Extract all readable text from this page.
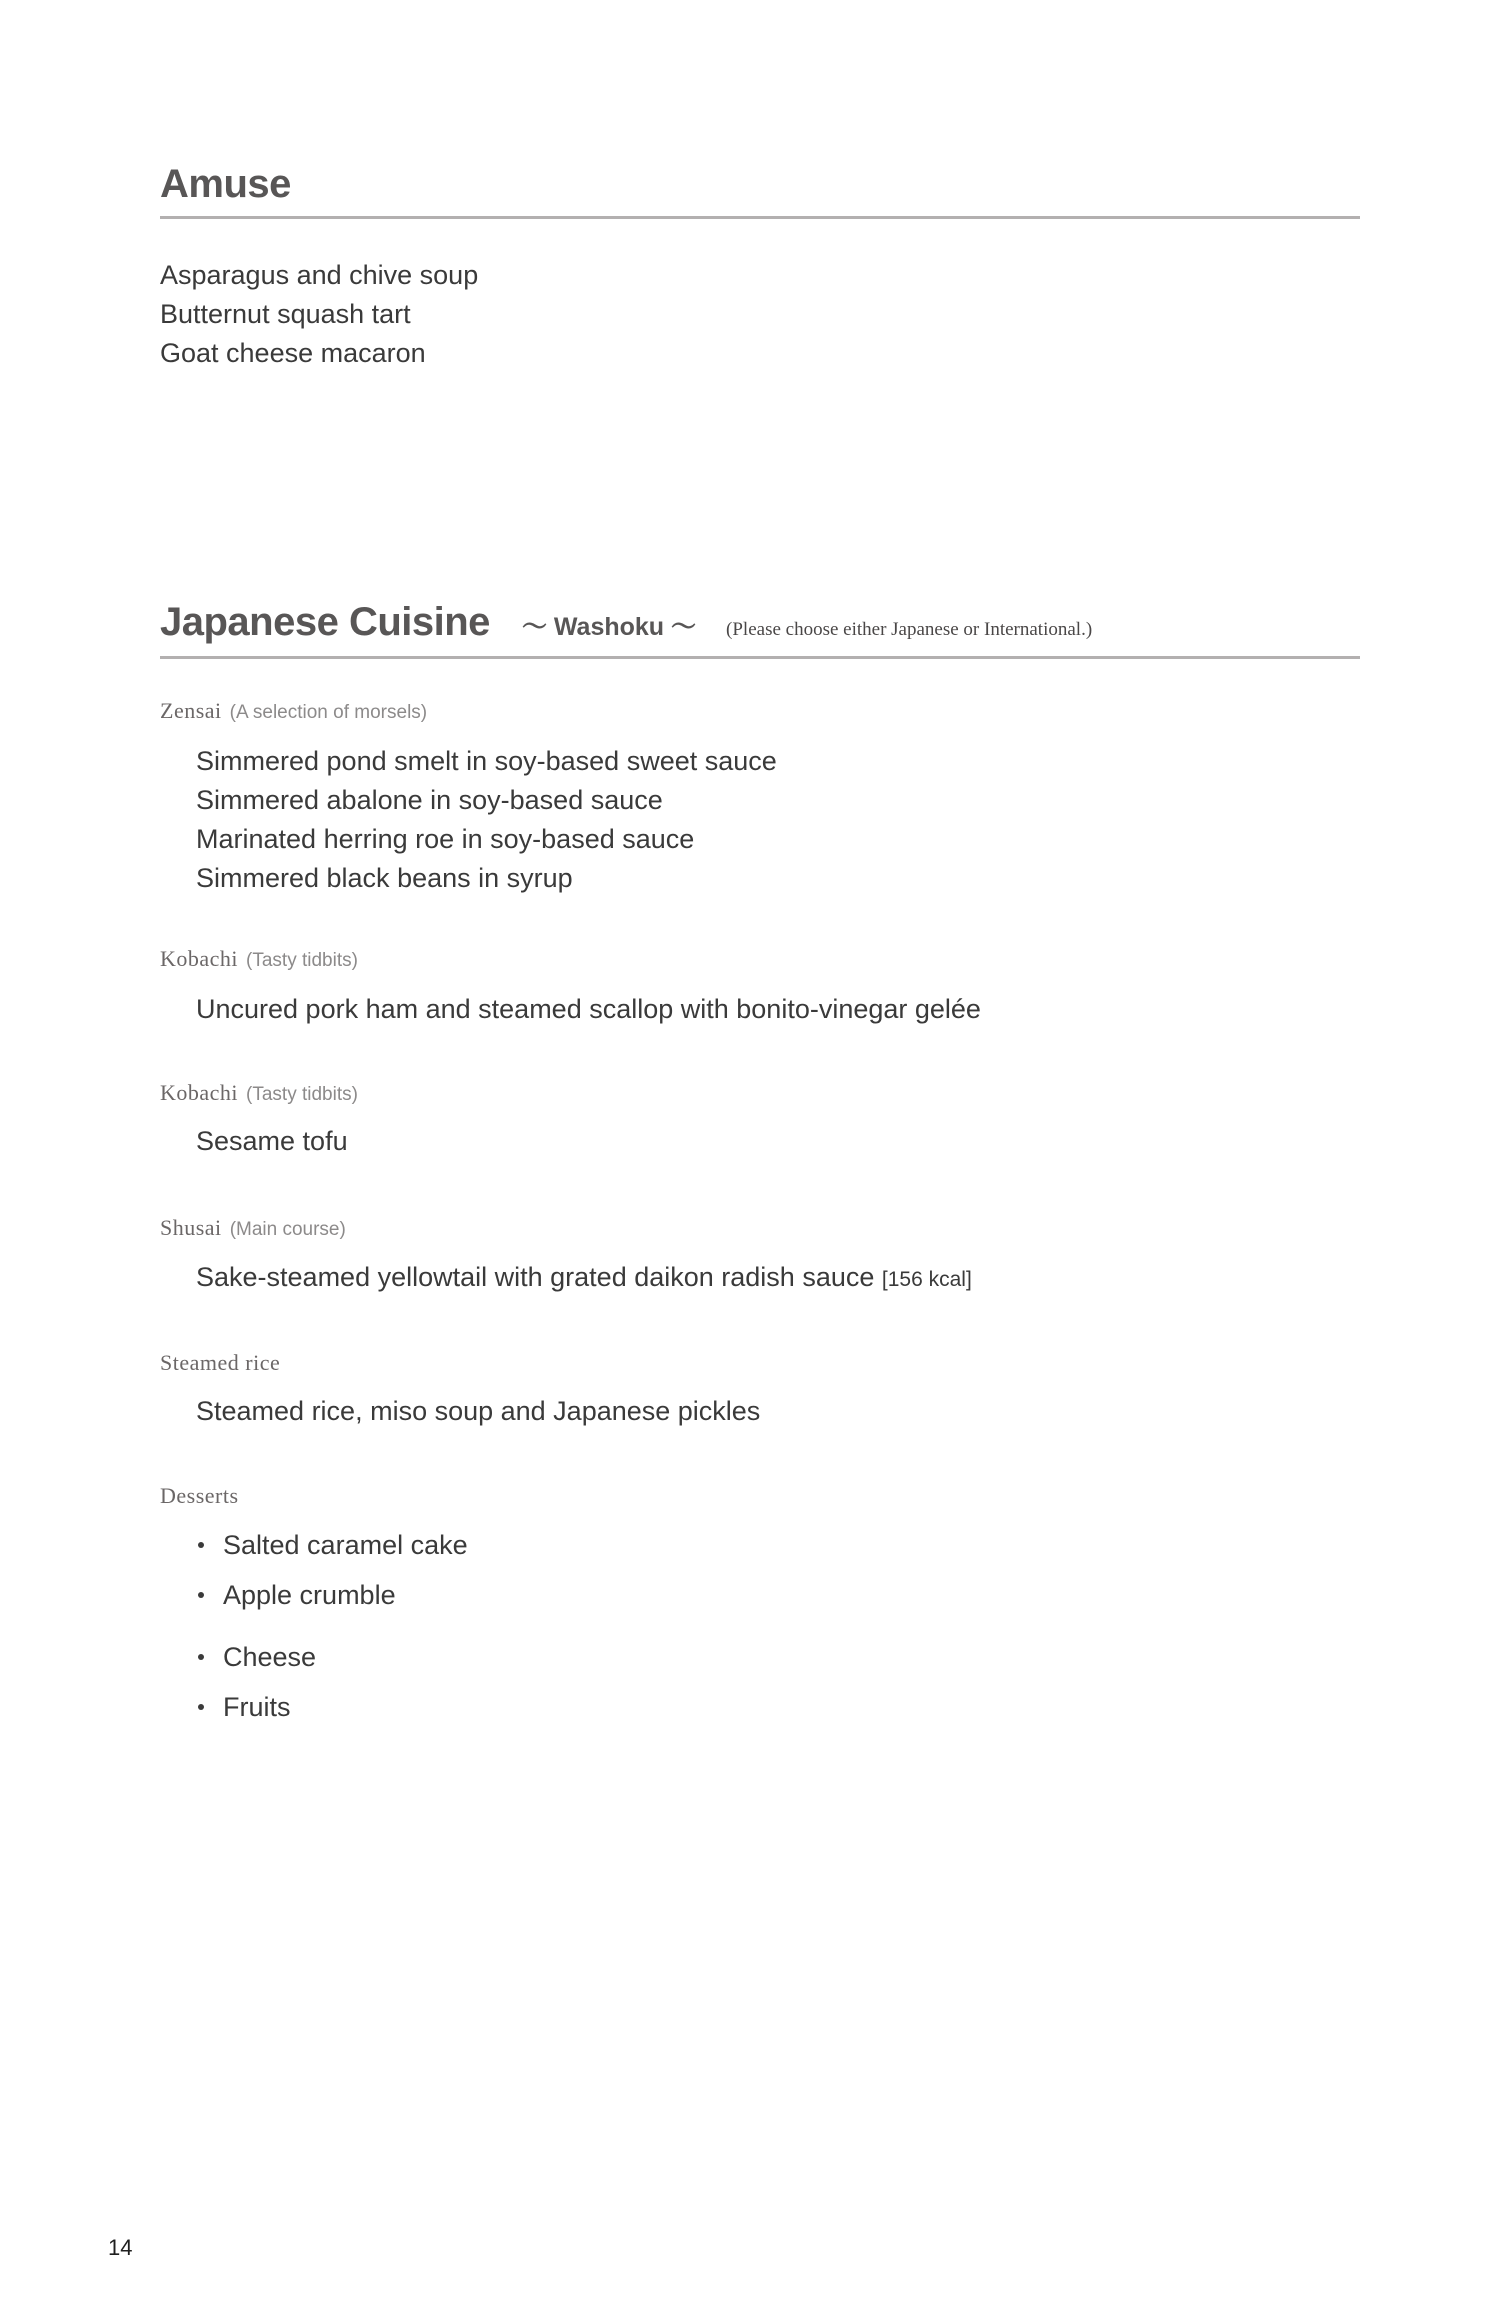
Amuse
Asparagus and chive soup
Butternut squash tart
Goat cheese macaron
Japanese Cuisine ～ Washoku ～ (Please choose either Japanese or International.)
Zensai (A selection of morsels)
Simmered pond smelt in soy-based sweet sauce
Simmered abalone in soy-based sauce
Marinated herring roe in soy-based sauce
Simmered black beans in syrup
Kobachi (Tasty tidbits)
Uncured pork ham and steamed scallop with bonito-vinegar gelée
Kobachi (Tasty tidbits)
Sesame tofu
Shusai (Main course)
Sake-steamed yellowtail with grated daikon radish sauce [156 kcal]
Steamed rice
Steamed rice, miso soup and Japanese pickles
Desserts
Salted caramel cake
Apple crumble
Cheese
Fruits
14
